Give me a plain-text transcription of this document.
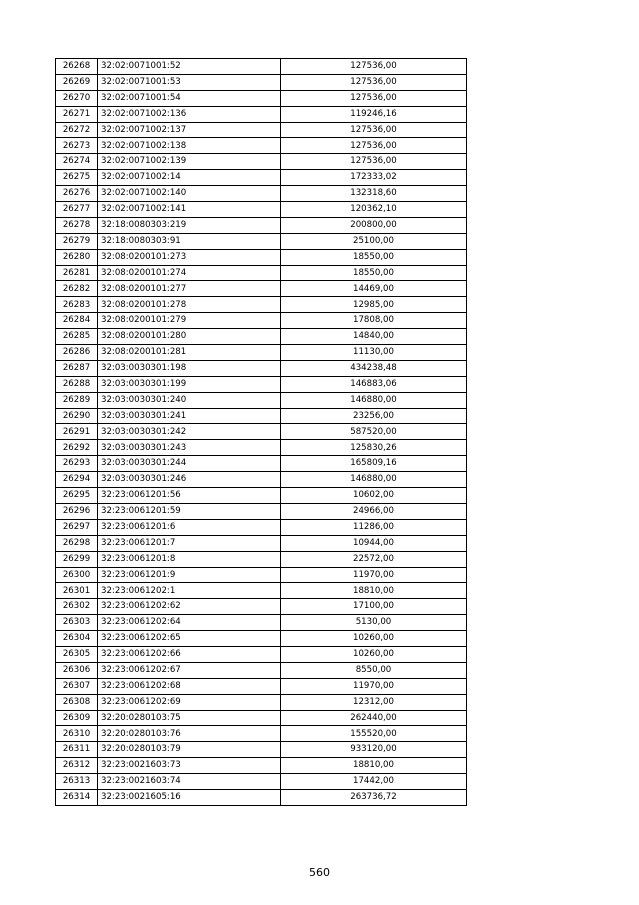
26268	32:02:0071001:52	127536,00
26269	32:02:0071001:53	127536,00
26270	32:02:0071001:54	127536,00
26271	32:02:0071002:136	119246,16
26272	32:02:0071002:137	127536,00
26273	32:02:0071002:138	127536,00
26274	32:02:0071002:139	127536,00
26275	32:02:0071002:14	172333,02
26276	32:02:0071002:140	132318,60
26277	32:02:0071002:141	120362,10
26278	32:18:0080303:219	200800,00
26279	32:18:0080303:91	25100,00
26280	32:08:0200101:273	18550,00
26281	32:08:0200101:274	18550,00
26282	32:08:0200101:277	14469,00
26283	32:08:0200101:278	12985,00
26284	32:08:0200101:279	17808,00
26285	32:08:0200101:280	14840,00
26286	32:08:0200101:281	11130,00
26287	32:03:0030301:198	434238,48
26288	32:03:0030301:199	146883,06
26289	32:03:0030301:240	146880,00
26290	32:03:0030301:241	23256,00
26291	32:03:0030301:242	587520,00
26292	32:03:0030301:243	125830,26
26293	32:03:0030301:244	165809,16
26294	32:03:0030301:246	146880,00
26295	32:23:0061201:56	10602,00
26296	32:23:0061201:59	24966,00
26297	32:23:0061201:6	11286,00
26298	32:23:0061201:7	10944,00
26299	32:23:0061201:8	22572,00
26300	32:23:0061201:9	11970,00
26301	32:23:0061202:1	18810,00
26302	32:23:0061202:62	17100,00
26303	32:23:0061202:64	5130,00
26304	32:23:0061202:65	10260,00
26305	32:23:0061202:66	10260,00
26306	32:23:0061202:67	8550,00
26307	32:23:0061202:68	11970,00
26308	32:23:0061202:69	12312,00
26309	32:20:0280103:75	262440,00
26310	32:20:0280103:76	155520,00
26311	32:20:0280103:79	933120,00
26312	32:23:0021603:73	18810,00
26313	32:23:0021603:74	17442,00
26314	32:23:0021605:16	263736,72
560
